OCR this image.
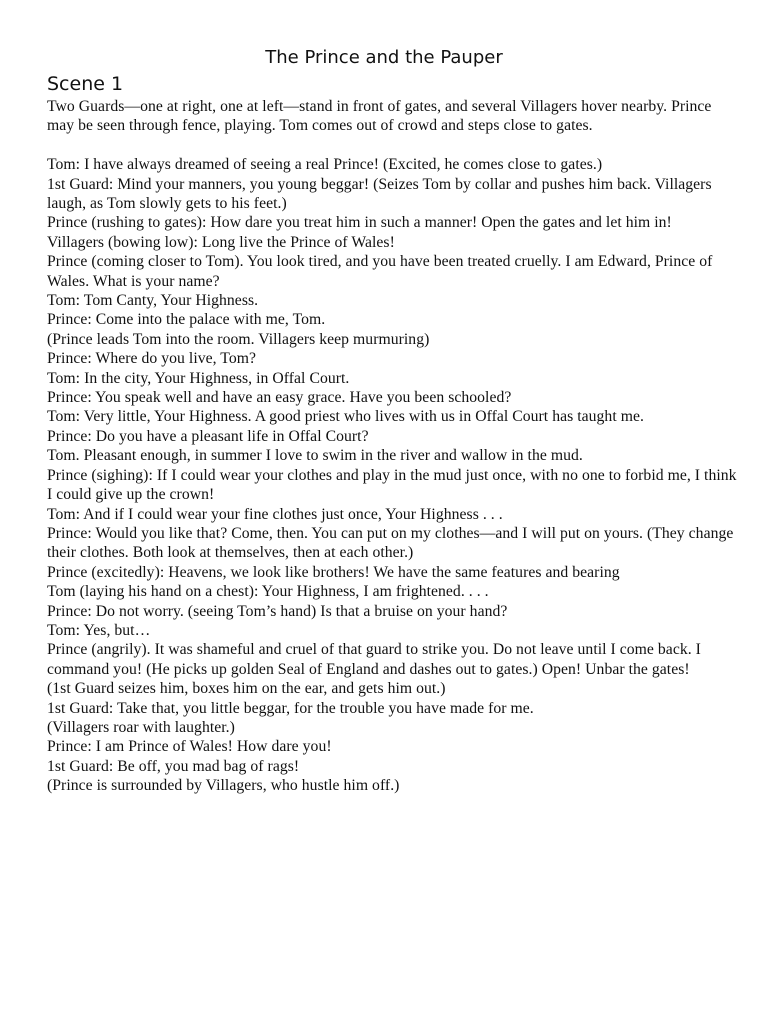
The Prince and the Pauper
Scene 1

Two Guards—one at right, one at left—stand in front of gates, and several Villagers hover nearby. Prince may be seen through fence, playing. Tom comes out of crowd and steps close to gates.

Tom: I have always dreamed of seeing a real Prince! (Excited, he comes close to gates.)

1st Guard: Mind your manners, you young beggar! (Seizes Tom by collar and pushes him back. Villagers laugh, as Tom slowly gets to his feet.)

Prince (rushing to gates): How dare you treat him in such a manner! Open the gates and let him in!

Villagers (bowing low): Long live the Prince of Wales!

Prince (coming closer to Tom). You look tired, and you have been treated cruelly. I am Edward, Prince of Wales. What is your name?

Tom: Tom Canty, Your Highness.

Prince: Come into the palace with me, Tom.

(Prince leads Tom into the room. Villagers keep murmuring)

Prince: Where do you live, Tom?

Tom: In the city, Your Highness, in Offal Court.

Prince: You speak well and have an easy grace. Have you been schooled?

Tom: Very little, Your Highness. A good priest who lives with us in Offal Court has taught me.

Prince: Do you have a pleasant life in Offal Court?

Tom. Pleasant enough, in summer I love to swim in the river and wallow in the mud.

Prince (sighing): If I could wear your clothes and play in the mud just once, with no one to forbid me, I think I could give up the crown!

Tom: And if I could wear your fine clothes just once, Your Highness . . .

Prince: Would you like that? Come, then. You can put on my clothes—and I will put on yours. (They change their clothes. Both look at themselves, then at each other.)

Prince (excitedly): Heavens, we look like brothers! We have the same features and bearing

Tom (laying his hand on a chest): Your Highness, I am frightened. . . .

Prince: Do not worry. (seeing Tom’s hand) Is that a bruise on your hand?

Tom: Yes, but…

Prince (angrily). It was shameful and cruel of that guard to strike you. Do not leave until I come back. I command you! (He picks up golden Seal of England and dashes out to gates.) Open! Unbar the gates!

(1st Guard seizes him, boxes him on the ear, and gets him out.)

1st Guard: Take that, you little beggar, for the trouble you have made for me.

(Villagers roar with laughter.)

Prince: I am Prince of Wales! How dare you!

1st Guard: Be off, you mad bag of rags!

(Prince is surrounded by Villagers, who hustle him off.)
